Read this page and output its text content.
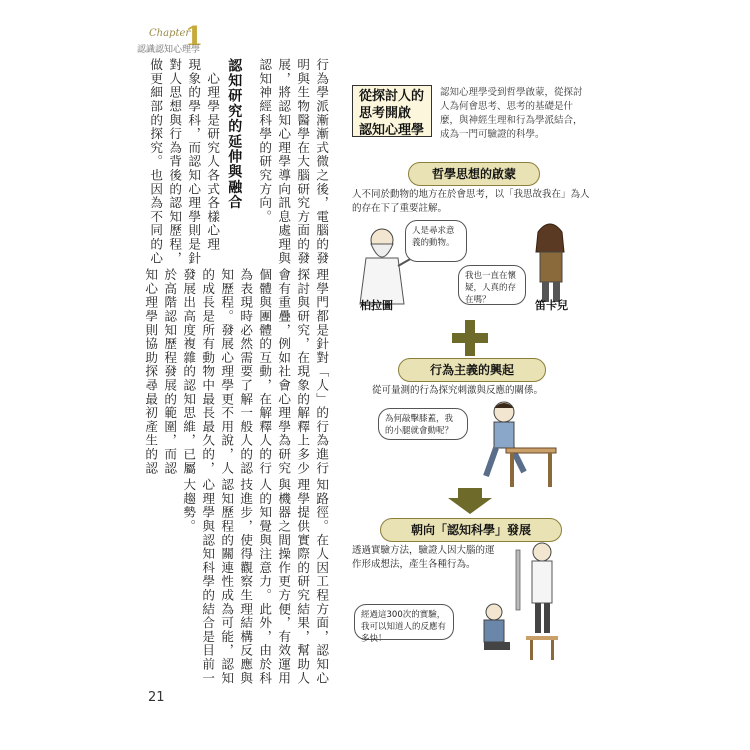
Chapter
1
認識認知心理學
行為學派漸漸式微之後，電腦的發
明與生物醫學在大腦研究方面的發
展，將認知心理學導向訊息處理與
認知神經科學的研究方向。
認知研究的延伸與融合
　心理學是研究人各式各樣心理
現象的學科，而認知心理學則是針
對人思想與行為背後的認知歷程，
做更細部的探究。也因為不同的心
理學門都是針對「人」的行為進行
探討與研究，在現象的解釋上多少
會有重疊，例如社會心理學為研究
個體與團體的互動，在解釋人的行
為表現時必然需要了解一般人的認
知歷程。發展心理學更不用說，人
的成長是所有動物中最長最久的，
發展出高度複雜的認知思維，已屬
於高階認知歷程發展的範圍，而認
知心理學則協助探尋最初產生的認
知路徑。在人因工程方面，認知心
理學提供實際的研究結果，幫助人
與機器之間操作更方便，有效運用
人的知覺與注意力。此外，由於科
技進步，使得觀察生理結構反應與
認知歷程的關連性成為可能，認知
心理學與認知科學的結合是目前一
大趨勢。
21
從探討人的
思考開啟
認知心理學
認知心理學受到哲學啟蒙，從探討人為何會思考、思考的基礎是什麼，與神經生理和行為學派結合，成為一門可驗證的科學。
哲學思想的啟蒙
人不同於動物的地方在於會思考，以「我思故我在」為人的存在下了重要註解。
人是尋求意義的動物。
我也一直在懷疑，人真的存在嗎？
柏拉圖	笛卡兒
行為主義的興起
從可量測的行為探究刺激與反應的關係。
為何敲擊膝蓋，我的小腿就會動呢？
朝向「認知科學」發展
透過實驗方法，驗證人因大腦的運作形成想法，產生各種行為。
經過這300次的實驗，我可以知道人的反應有多快！
